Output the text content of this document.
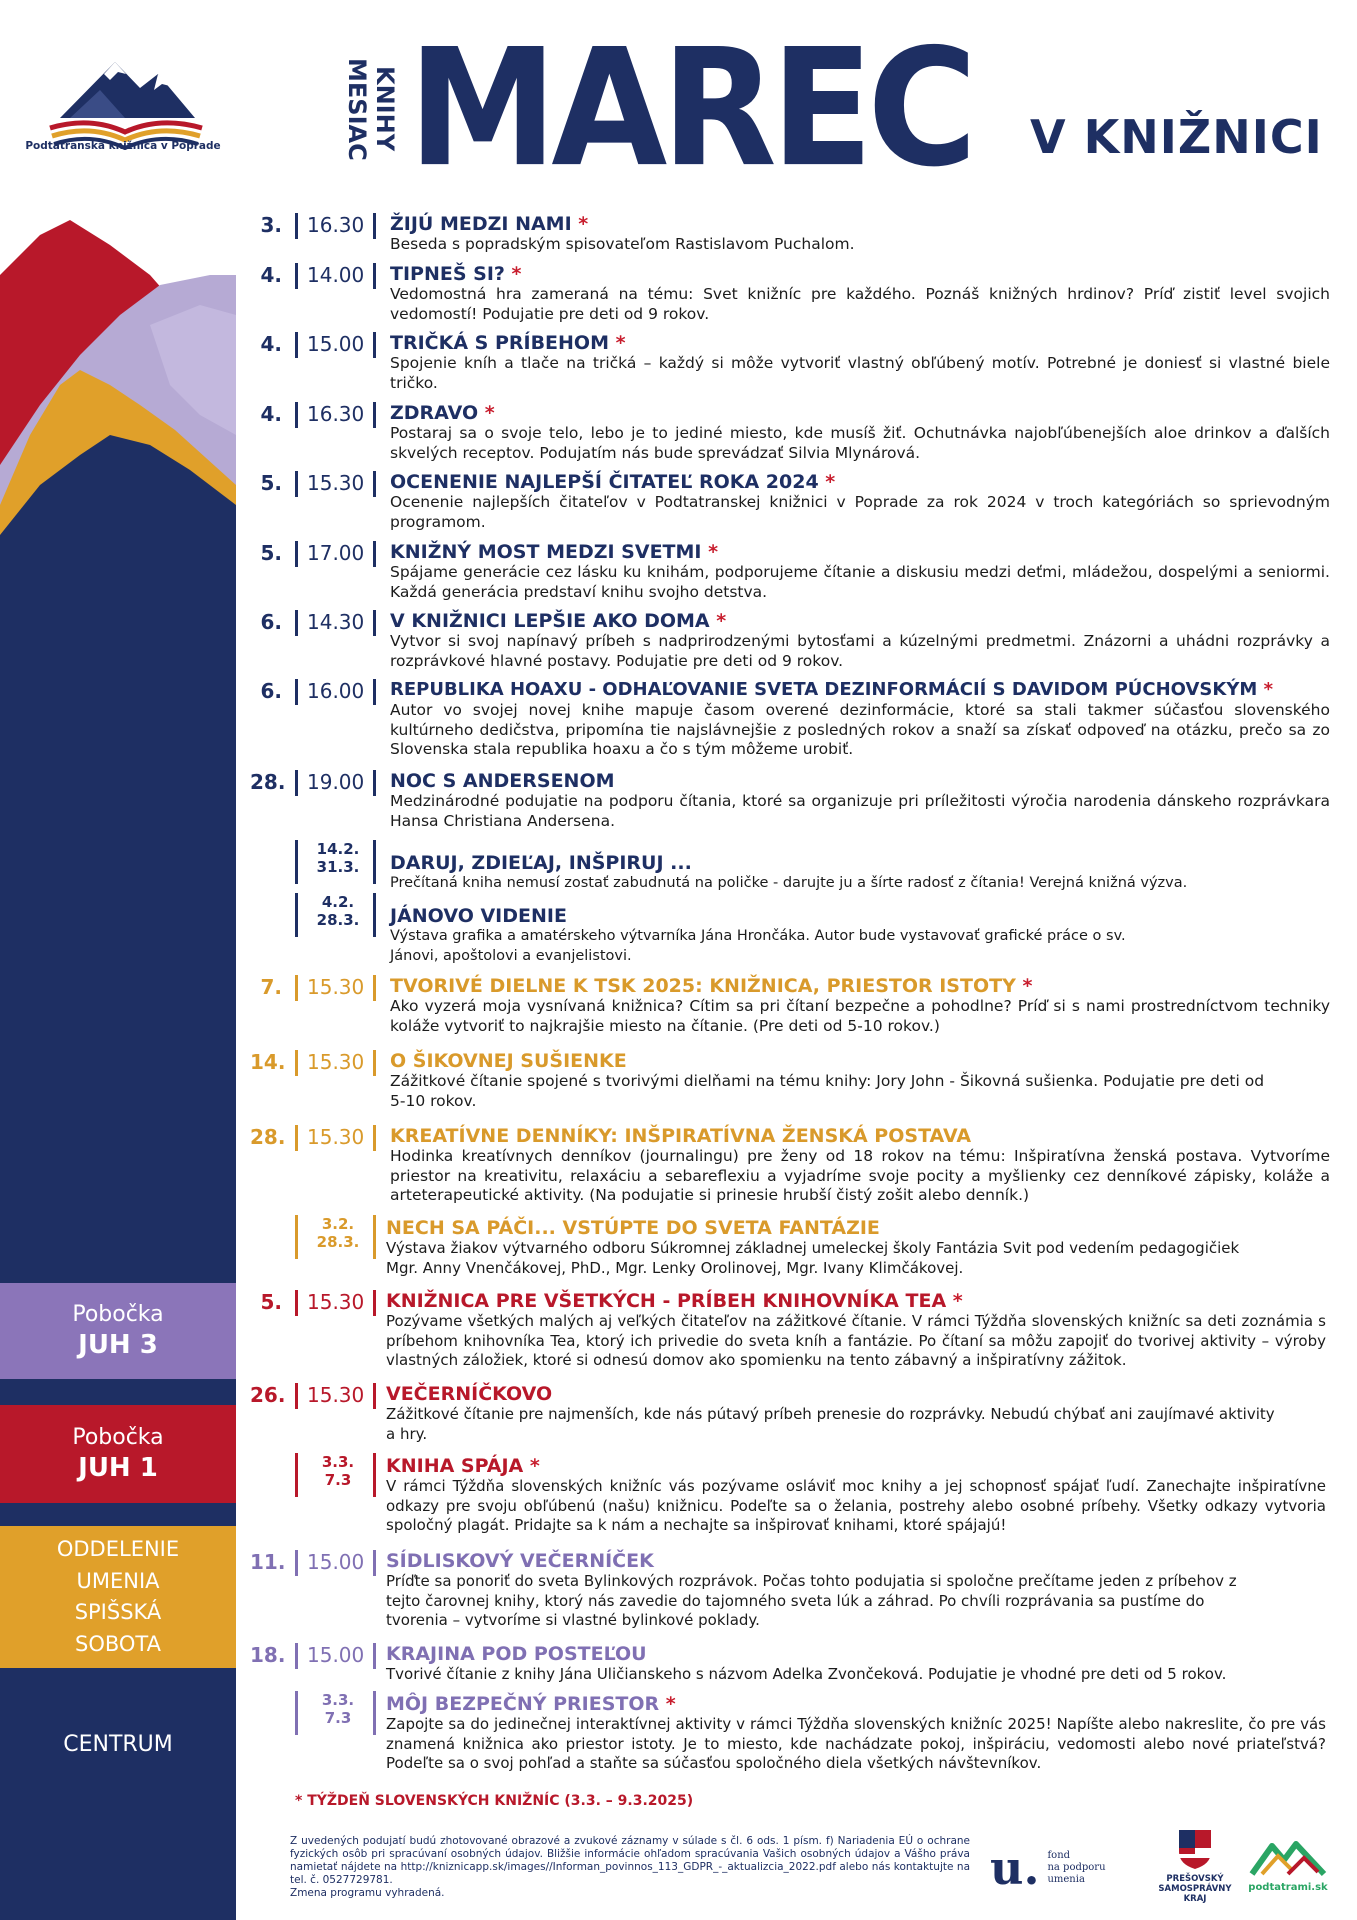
Podtatranská knižnica v Poprade	MESIAC KNIHY MAREC V KNIŽNICI
Pobočka
JUH 3
Pobočka
JUH 1
ODDELENIE
UMENIA
SPIŠSKÁ
SOBOTA
CENTRUM
3. 16.30 ŽIJÚ MEDZI NAMI *
Beseda s popradským spisovateľom Rastislavom Puchalom.
4. 14.00 TIPNEŠ SI? *
Vedomostná hra zameraná na tému: Svet knižníc pre každého. Poznáš knižných hrdinov? Príď zistiť level svojich vedomostí! Podujatie pre deti od 9 rokov.
4. 15.00 TRIČKÁ S PRÍBEHOM *
Spojenie kníh a tlače na tričká – každý si môže vytvoriť vlastný obľúbený motív. Potrebné je doniesť si vlastné biele tričko.
4. 16.30 ZDRAVO *
Postaraj sa o svoje telo, lebo je to jediné miesto, kde musíš žiť. Ochutnávka najobľúbenejších aloe drinkov a ďalších skvelých receptov. Podujatím nás bude sprevádzať Silvia Mlynárová.
5. 15.30 OCENENIE NAJLEPŠÍ ČITATEĽ ROKA 2024 *
Ocenenie najlepších čitateľov v Podtatranskej knižnici v Poprade za rok 2024 v troch kategóriách so sprievodným programom.
5. 17.00 KNIŽNÝ MOST MEDZI SVETMI *
Spájame generácie cez lásku ku knihám, podporujeme čítanie a diskusiu medzi deťmi, mládežou, dospelými a seniormi. Každá generácia predstaví knihu svojho detstva.
6. 14.30 V KNIŽNICI LEPŠIE AKO DOMA *
Vytvor si svoj napínavý príbeh s nadprirodzenými bytosťami a kúzelnými predmetmi. Znázorni a uhádni rozprávky a rozprávkové hlavné postavy. Podujatie pre deti od 9 rokov.
6. 16.00 REPUBLIKA HOAXU - ODHAĽOVANIE SVETA DEZINFORMÁCIÍ S DAVIDOM PÚCHOVSKÝM *
Autor vo svojej novej knihe mapuje časom overené dezinformácie, ktoré sa stali takmer súčasťou slovenského kultúrneho dedičstva, pripomína tie najslávnejšie z posledných rokov a snaží sa získať odpoveď na otázku, prečo sa zo Slovenska stala republika hoaxu a čo s tým môžeme urobiť.
28. 19.00 NOC S ANDERSENOM
Medzinárodné podujatie na podporu čítania, ktoré sa organizuje pri príležitosti výročia narodenia dánskeho rozprávkara Hansa Christiana Andersena.
14.2.
31.3.	DARUJ, ZDIEĽAJ, INŠPIRUJ ...
Prečítaná kniha nemusí zostať zabudnutá na poličke - darujte ju a šírte radosť z čítania! Verejná knižná výzva.
4.2.
28.3.	JÁNOVO VIDENIE
Výstava grafika a amatérskeho výtvarníka Jána Hrončáka. Autor bude vystavovať grafické práce o sv. Jánovi, apoštolovi a evanjelistovi.
7. 15.30 TVORIVÉ DIELNE K TSK 2025: KNIŽNICA, PRIESTOR ISTOTY *
Ako vyzerá moja vysnívaná knižnica? Cítim sa pri čítaní bezpečne a pohodlne? Príď si s nami prostredníctvom techniky koláže vytvoriť to najkrajšie miesto na čítanie. (Pre deti od 5-10 rokov.)
14. 15.30 O ŠIKOVNEJ SUŠIENKE
Zážitkové čítanie spojené s tvorivými dielňami na tému knihy: Jory John - Šikovná sušienka. Podujatie pre deti od 5-10 rokov.
28. 15.30 KREATÍVNE DENNÍKY: INŠPIRATÍVNA ŽENSKÁ POSTAVA
Hodinka kreatívnych denníkov (journalingu) pre ženy od 18 rokov na tému: Inšpiratívna ženská postava. Vytvoríme priestor na kreativitu, relaxáciu a sebareflexiu a vyjadríme svoje pocity a myšlienky cez denníkové zápisky, koláže a arteterapeutické aktivity. (Na podujatie si prinesie hrubší čistý zošit alebo denník.)
3.2.
28.3.
NECH SA PÁČI... VSTÚPTE DO SVETA FANTÁZIE
Výstava žiakov výtvarného odboru Súkromnej základnej umeleckej školy Fantázia Svit pod vedením pedagogičiek Mgr. Anny Vnenčákovej, PhD., Mgr. Lenky Orolinovej, Mgr. Ivany Klimčákovej.
5. 15.30 KNIŽNICA PRE VŠETKÝCH - PRÍBEH KNIHOVNÍKA TEA *
Pozývame všetkých malých aj veľkých čitateľov na zážitkové čítanie. V rámci Týždňa slovenských knižníc sa deti zoznámia s príbehom knihovníka Tea, ktorý ich privedie do sveta kníh a fantázie. Po čítaní sa môžu zapojiť do tvorivej aktivity – výroby vlastných záložiek, ktoré si odnesú domov ako spomienku na tento zábavný a inšpiratívny zážitok.
26. 15.30 VEČERNÍČKOVO
Zážitkové čítanie pre najmenších, kde nás pútavý príbeh prenesie do rozprávky. Nebudú chýbať ani zaujímavé aktivity a hry.
3.3.
7.3
KNIHA SPÁJA *
V rámci Týždňa slovenských knižníc vás pozývame osláviť moc knihy a jej schopnosť spájať ľudí. Zanechajte inšpiratívne odkazy pre svoju obľúbenú (našu) knižnicu. Podeľte sa o želania, postrehy alebo osobné príbehy. Všetky odkazy vytvoria spoločný plagát. Pridajte sa k nám a nechajte sa inšpirovať knihami, ktoré spájajú!
11. 15.00 SÍDLISKOVÝ VEČERNÍČEK
Príďte sa ponoriť do sveta Bylinkových rozprávok. Počas tohto podujatia si spoločne prečítame jeden z príbehov z tejto čarovnej knihy, ktorý nás zavedie do tajomného sveta lúk a záhrad. Po chvíli rozprávania sa pustíme do tvorenia – vytvoríme si vlastné bylinkové poklady.
18. 15.00 KRAJINA POD POSTEĽOU
Tvorivé čítanie z knihy Jána Uličianskeho s názvom Adelka Zvončeková. Podujatie je vhodné pre deti od 5 rokov.
3.3.
7.3
MÔJ BEZPEČNÝ PRIESTOR *
Zapojte sa do jedinečnej interaktívnej aktivity v rámci Týždňa slovenských knižníc 2025! Napíšte alebo nakreslite, čo pre vás znamená knižnica ako priestor istoty. Je to miesto, kde nachádzate pokoj, inšpiráciu, vedomosti alebo nové priateľstvá? Podeľte sa o svoj pohľad a staňte sa súčasťou spoločného diela všetkých návštevníkov.
* TÝŽDEŇ SLOVENSKÝCH KNIŽNÍC (3.3. – 9.3.2025)
Z uvedených podujatí budú zhotovované obrazové a zvukové záznamy v súlade s čl. 6 ods. 1 písm. f) Nariadenia EÚ o ochrane fyzických osôb pri spracúvaní osobných údajov. Bližšie informácie ohľadom spracúvania Vašich osobných údajov a Vášho práva namietať nájdete na http://kniznicapp.sk/images//Informan_povinnos_113_GDPR_-_aktualizcia_2022.pdf alebo nás kontaktujte na tel. č. 0527729781.
Zmena programu vyhradená.	u. fond
na podporu
umenia	PREŠOVSKÝ
SAMOSPRÁVNY
KRAJ
podtatrami.sk
